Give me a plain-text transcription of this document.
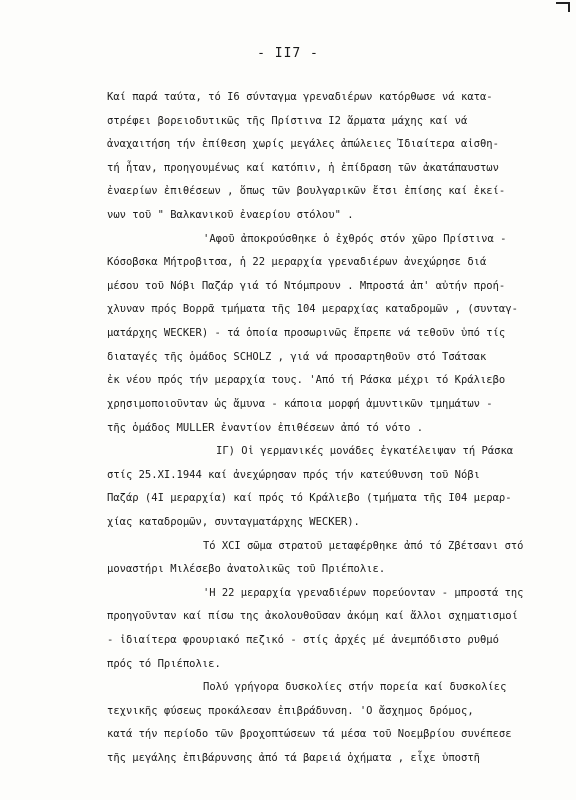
- II7 -
Καί παρά ταύτα, τό I6 σύνταγμα γρεναδιέρων κατόρθωσε νά κατα-
στρέφει βορειοδυτικῶς τῆς Πρίστινα I2 ἅρματα μάχης καί νά
ἀναχαιτήση τήν ἐπίθεση χωρίς μεγάλες ἀπώλειες Ἰδιαίτερα αἰσθη-
τή ἦταν, προηγουμένως καί κατόπιν, ἡ ἐπίδραση τῶν ἀκατάπαυστων
ἐναερίων ἐπιθέσεων , ὅπως τῶν βουλγαρικῶν ἔτσι ἐπίσης καί ἐκεί-
νων τοῦ " Βαλκανικοῦ ἐναερίου στόλου" .
'Αφοῦ ἀποκρούσθηκε ὁ ἐχθρός στόν χῶρο Πρίστινα -
Κόσοβσκα Μήτροβιτσα, ἡ 22 μεραρχία γρεναδιέρων ἀνεχώρησε διά
μέσου τοῦ Νόβι Παζάρ γιά τό Ντόμπρουν . Μπροστά ἀπ' αὐτήν προή-
χλυναν πρός Βορρᾶ τμήματα τῆς 104 μεραρχίας καταδρομῶν , (συνταγ-
ματάρχης WECKER) - τά ὁποία προσωρινῶς ἔπρεπε νά τεθοῦν ὑπό τίς
διαταγές τῆς ὁμάδος SCHOLZ , γιά νά προσαρτηθοῦν στό Τσάτσακ
ἐκ νέου πρός τήν μεραρχία τους. 'Από τή Ράσκα μέχρι τό Κράλιεβο
χρησιμοποιοῦνταν ὡς ἄμυνα - κάποια μορφή ἀμυντικῶν τμημάτων -
τῆς ὁμάδος MULLER ἐναντίον ἐπιθέσεων ἀπό τό νότο .
IΓ) Οἱ γερμανικές μονάδες ἐγκατέλειψαν τή Ράσκα
στίς 25.XI.1944 καί ἀνεχώρησαν πρός τήν κατεύθυνση τοῦ Νόβι
Παζάρ (4I μεραρχία) καί πρός τό Κράλιεβο (τμήματα τῆς I04 μεραρ-
χίας καταδρομῶν, συνταγματάρχης WECKER).
Τό XCI σῶμα στρατοῦ μεταφέρθηκε ἀπό τό Ζβέτσανι στό
μοναστήρι Μιλέσεβο ἀνατολικῶς τοῦ Πριέπολιε.
'Η 22 μεραρχία γρεναδιέρων πορεύονταν - μπροστά της
προηγοῦνταν καί πίσω της ἀκολουθοῦσαν ἀκόμη καί ἄλλοι σχηματισμοί
- ἰδιαίτερα φρουριακό πεζικό - στίς ἀρχές μέ ἀνεμπόδιστο ρυθμό
πρός τό Πριέπολιε.
Πολύ γρήγορα δυσκολίες στήν πορεία καί δυσκολίες
τεχνικῆς φύσεως προκάλεσαν ἐπιβράδυνση. 'Ο ἄσχημος δρόμος,
κατά τήν περίοδο τῶν βροχοπτώσεων τά μέσα τοῦ Νοεμβρίου συνέπεσε
τῆς μεγάλης ἐπιβάρυνσης ἀπό τά βαρειά ὀχήματα , εἶχε ὑποστῆ
